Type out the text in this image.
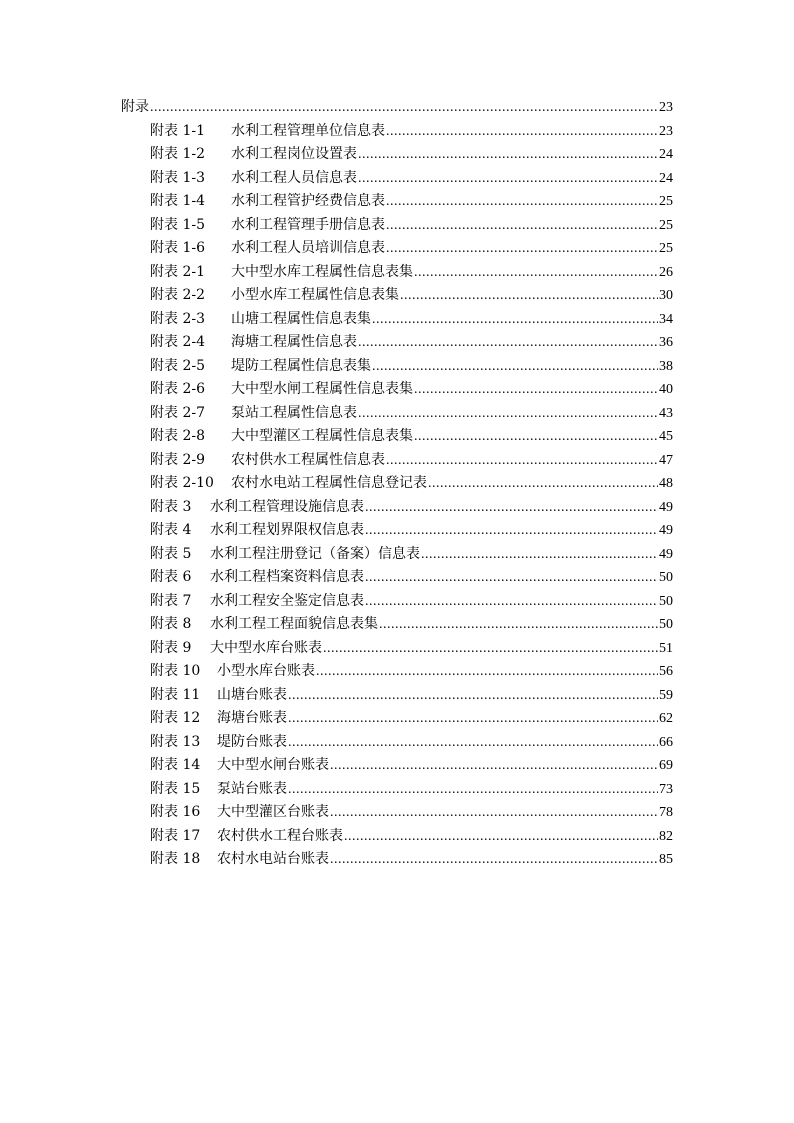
附录 .....	23
附表 1-1	水利工程管理单位信息表 .....	23
附表 1-2	水利工程岗位设置表 .....	24
附表 1-3	水利工程人员信息表 .....	24
附表 1-4	水利工程管护经费信息表 .....	25
附表 1-5	水利工程管理手册信息表 .....	25
附表 1-6	水利工程人员培训信息表 .....	25
附表 2-1	大中型水库工程属性信息表集 .....	26
附表 2-2	小型水库工程属性信息表集 .....	30
附表 2-3	山塘工程属性信息表集 .....	34
附表 2-4	海塘工程属性信息表 .....	36
附表 2-5	堤防工程属性信息表集 .....	38
附表 2-6	大中型水闸工程属性信息表集 .....	40
附表 2-7	泵站工程属性信息表 .....	43
附表 2-8	大中型灌区工程属性信息表集 .....	45
附表 2-9	农村供水工程属性信息表 .....	47
附表 2-10	农村水电站工程属性信息登记表 .....	48
附表 3	水利工程管理设施信息表 .....	49
附表 4	水利工程划界限权信息表 .....	49
附表 5	水利工程注册登记（备案）信息表 .....	49
附表 6	水利工程档案资料信息表 .....	50
附表 7	水利工程安全鉴定信息表 .....	50
附表 8	水利工程工程面貌信息表集 .....	50
附表 9	大中型水库台账表 .....	51
附表 10	小型水库台账表 .....	56
附表 11	山塘台账表 .....	59
附表 12	海塘台账表 .....	62
附表 13	堤防台账表 .....	66
附表 14	大中型水闸台账表 .....	69
附表 15	泵站台账表 .....	73
附表 16	大中型灌区台账表 .....	78
附表 17	农村供水工程台账表 .....	82
附表 18	农村水电站台账表 .....	85
